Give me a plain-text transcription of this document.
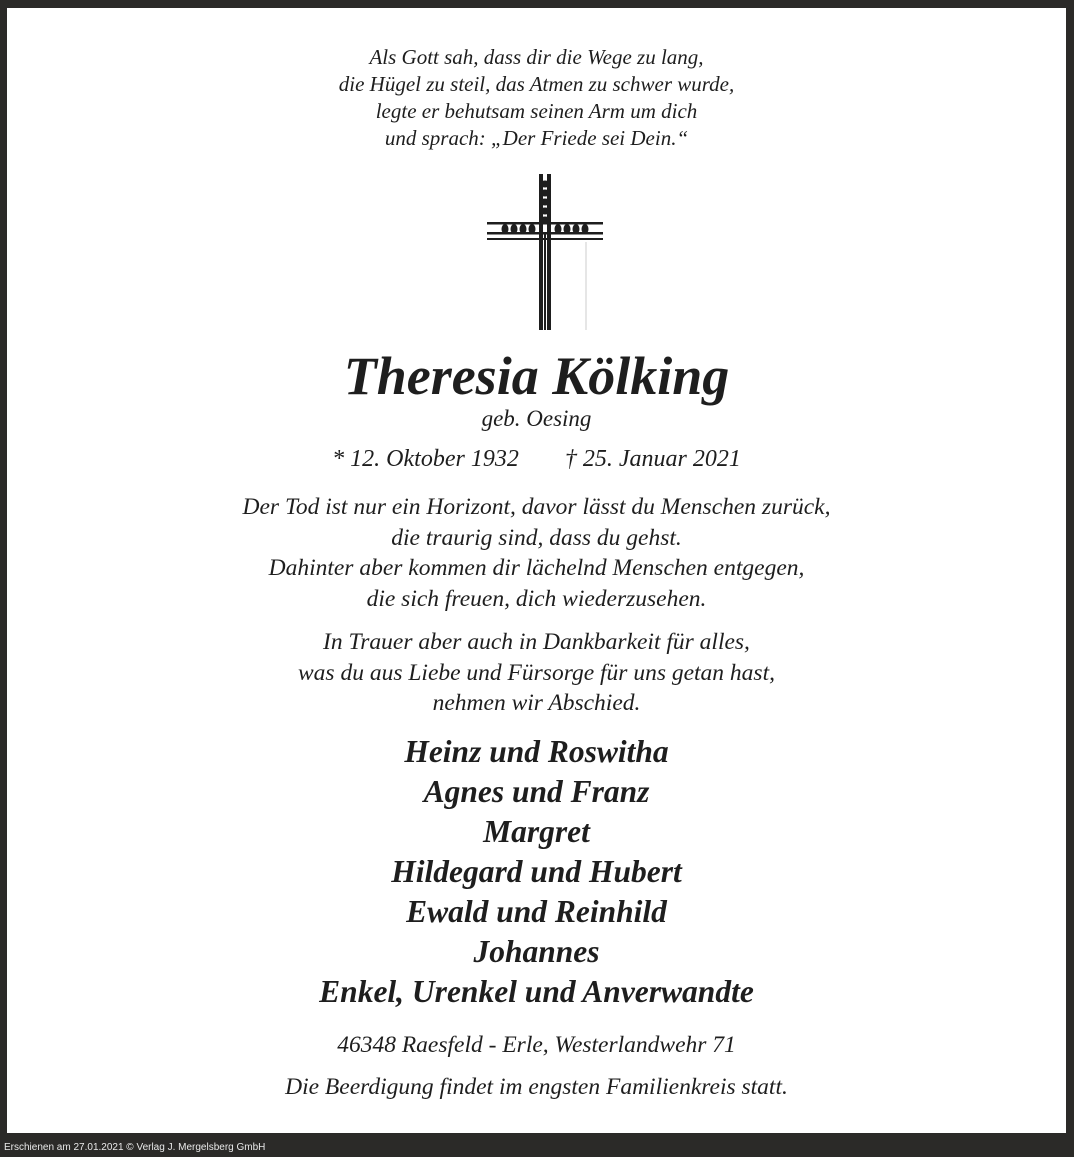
Als Gott sah, dass dir die Wege zu lang,
die Hügel zu steil, das Atmen zu schwer wurde,
legte er behutsam seinen Arm um dich
und sprach: „Der Friede sei Dein.“
Theresia Kölking
geb. Oesing
* 12. Oktober 1932 † 25. Januar 2021
Der Tod ist nur ein Horizont, davor lässt du Menschen zurück,
die traurig sind, dass du gehst.
Dahinter aber kommen dir lächelnd Menschen entgegen,
die sich freuen, dich wiederzusehen.
In Trauer aber auch in Dankbarkeit für alles,
was du aus Liebe und Fürsorge für uns getan hast,
nehmen wir Abschied.
Heinz und Roswitha
Agnes und Franz
Margret
Hildegard und Hubert
Ewald und Reinhild
Johannes
Enkel, Urenkel und Anverwandte
46348 Raesfeld - Erle, Westerlandwehr 71
Die Beerdigung findet im engsten Familienkreis statt.
Erschienen am 27.01.2021 © Verlag J. Mergelsberg GmbH
